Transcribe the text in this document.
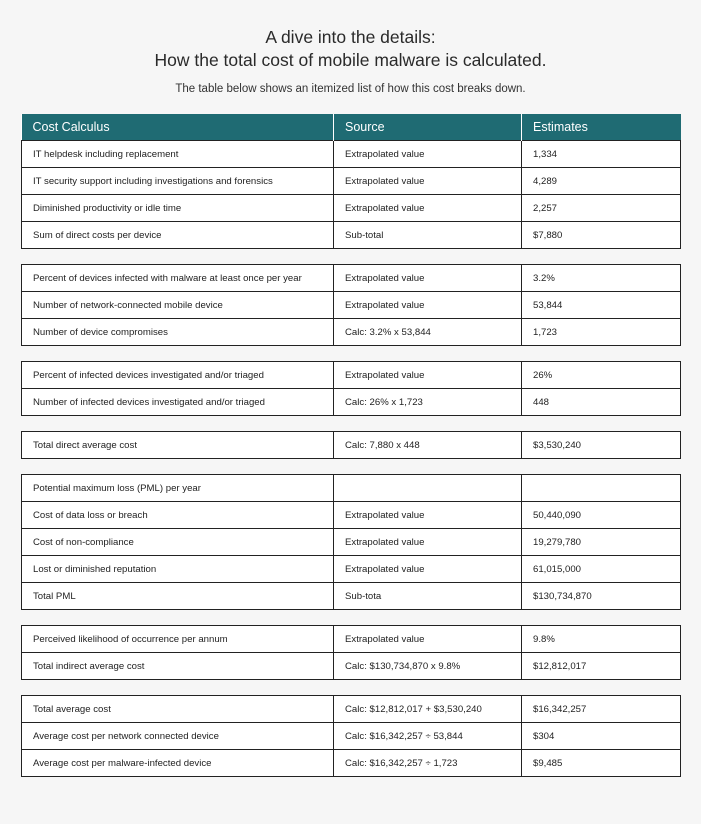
A dive into the details:
How the total cost of mobile malware is calculated.
The table below shows an itemized list of how this cost breaks down.
Cost Calculus	Source	Estimates
IT helpdesk including replacement	Extrapolated value	1,334
IT security support including investigations and forensics	Extrapolated value	4,289
Diminished productivity or idle time	Extrapolated value	2,257
Sum of direct costs per device	Sub-total	$7,880
Percent of devices infected with malware at least once per year	Extrapolated value	3.2%
Number of network-connected mobile device	Extrapolated value	53,844
Number of device compromises	Calc: 3.2% x 53,844	1,723
Percent of infected devices investigated and/or triaged	Extrapolated value	26%
Number of infected devices investigated and/or triaged	Calc: 26% x 1,723	448
Total direct average cost	Calc: 7,880 x 448	$3,530,240
Potential maximum loss (PML) per year		
Cost of data loss or breach	Extrapolated value	50,440,090
Cost of non-compliance	Extrapolated value	19,279,780
Lost or diminished reputation	Extrapolated value	61,015,000
Total PML	Sub-tota	$130,734,870
Perceived likelihood of occurrence per annum	Extrapolated value	9.8%
Total indirect average cost	Calc: $130,734,870 x 9.8%	$12,812,017
Total average cost	Calc: $12,812,017 + $3,530,240	$16,342,257
Average cost per network connected device	Calc: $16,342,257 ÷ 53,844	$304
Average cost per malware-infected device	Calc: $16,342,257 ÷ 1,723	$9,485
